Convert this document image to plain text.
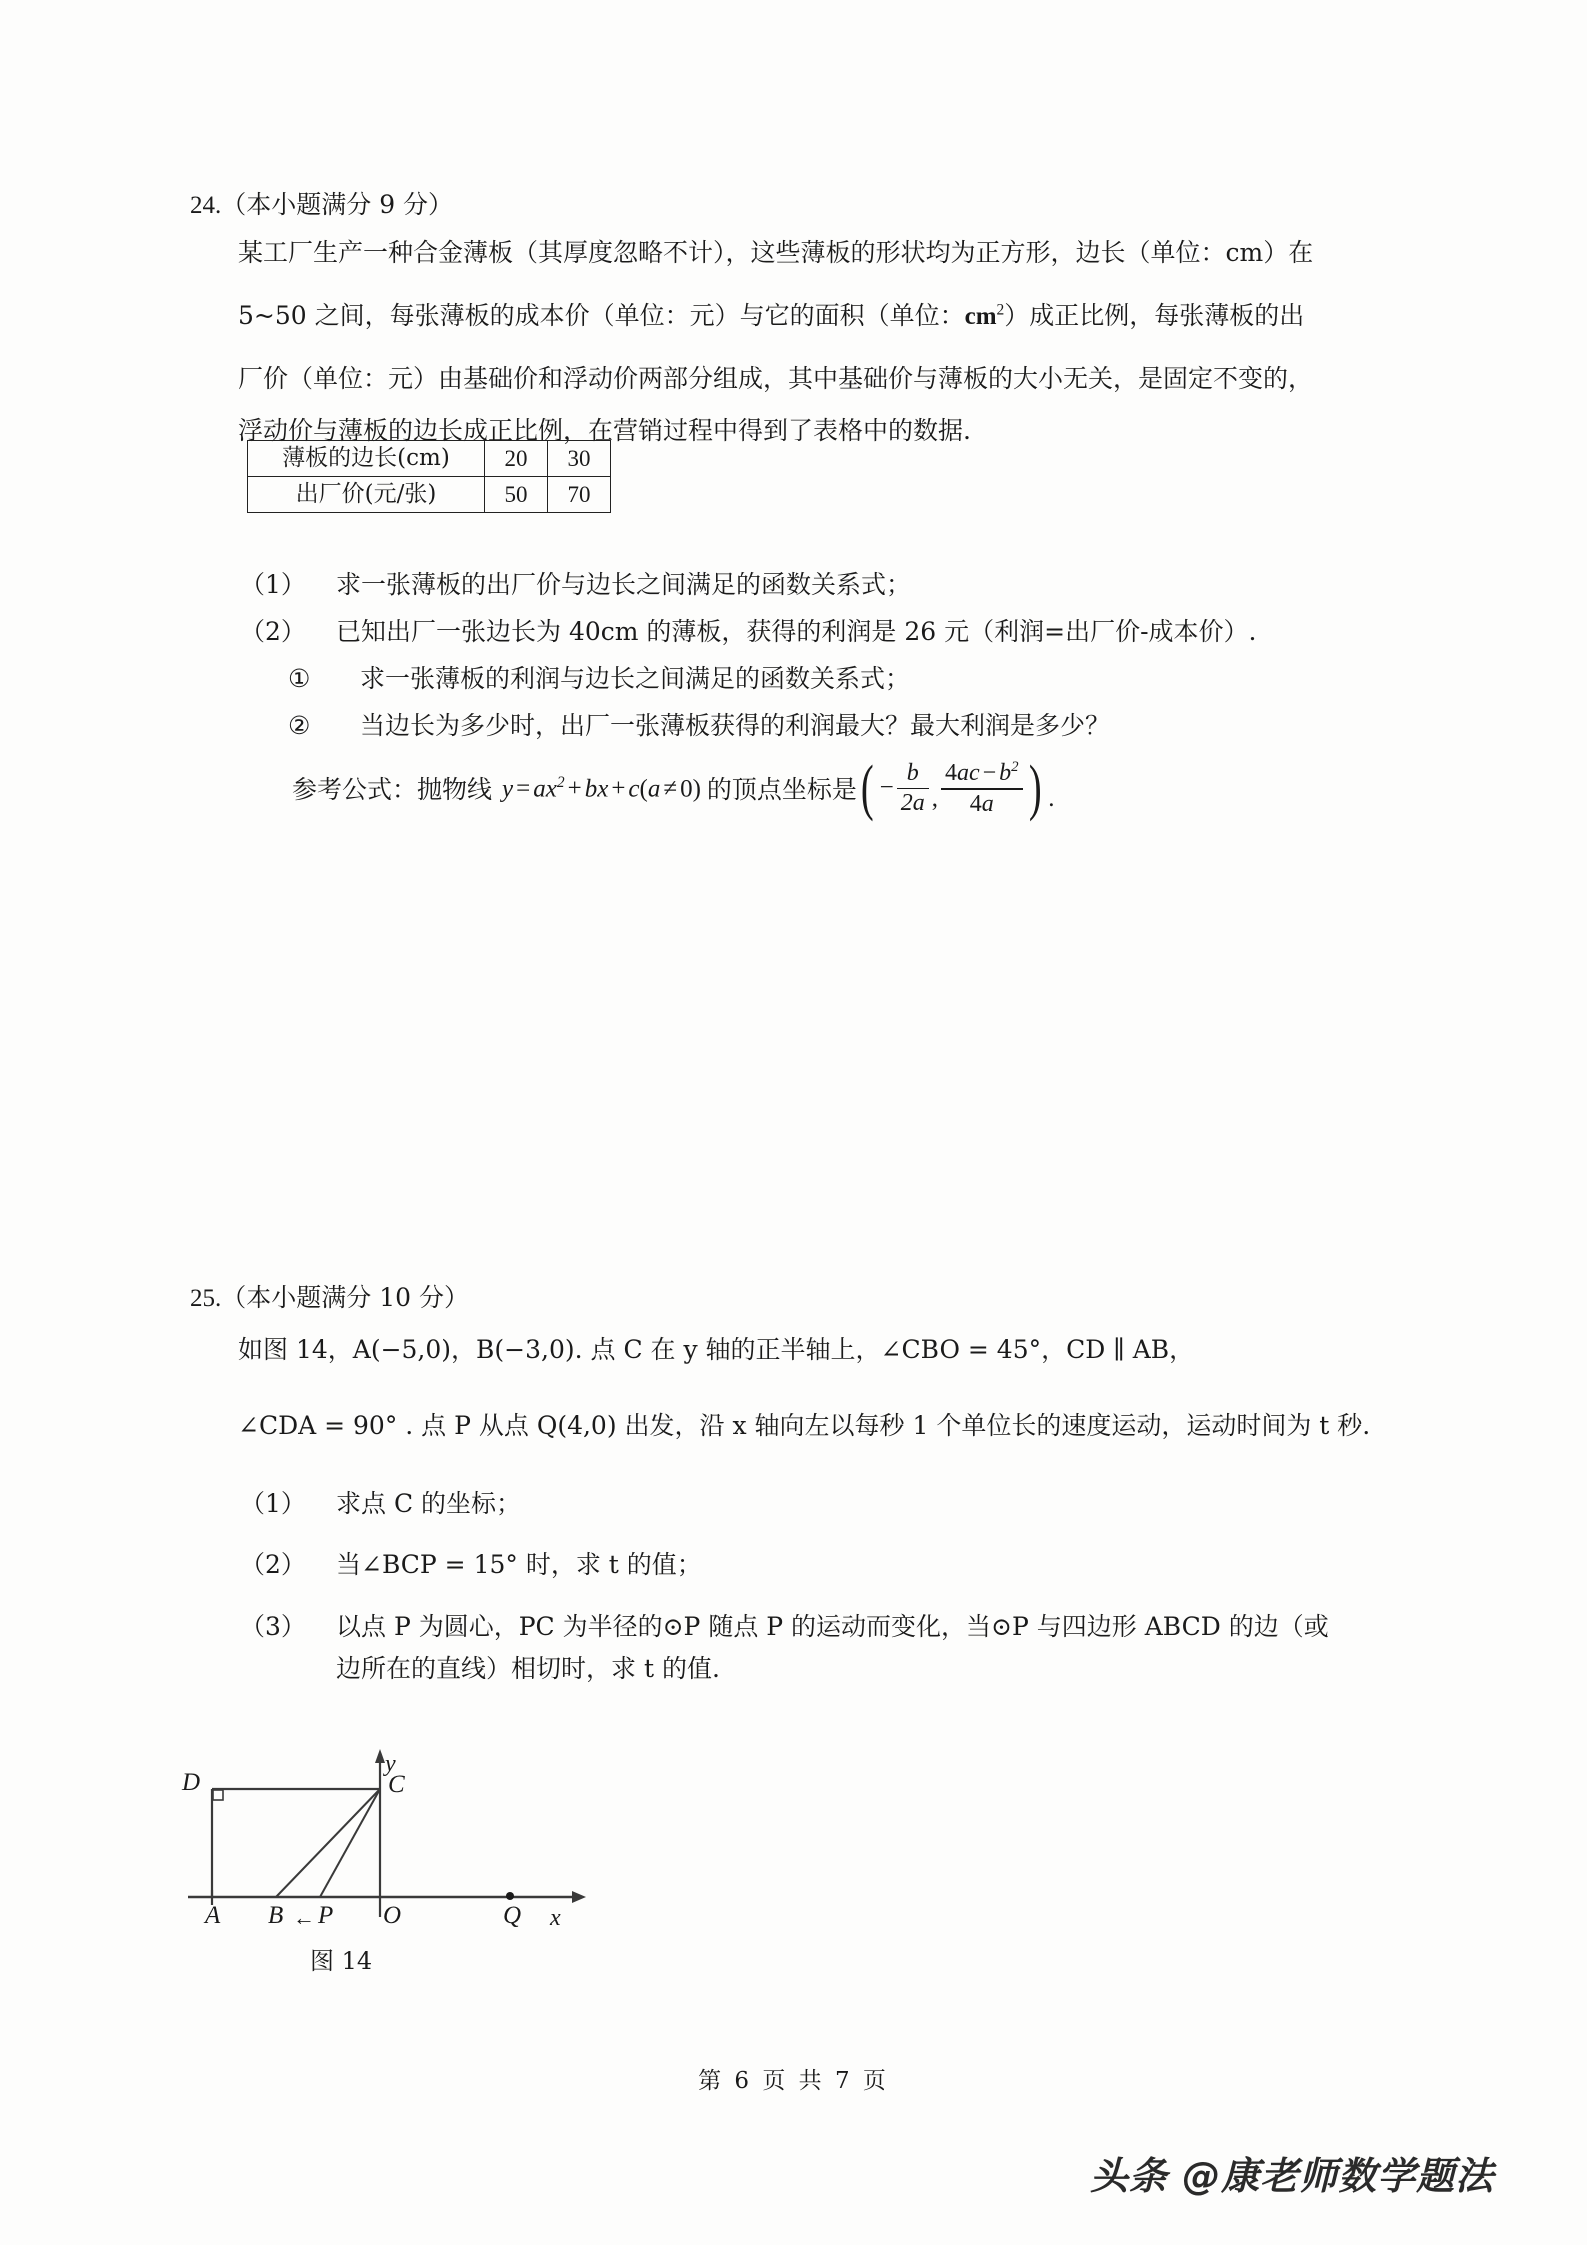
24.（本小题满分 9 分）
某工厂生产一种合金薄板（其厚度忽略不计），这些薄板的形状均为正方形，边长（单位：cm）在
5~50 之间，每张薄板的成本价（单位：元）与它的面积（单位：$cm^2$）成正比例，每张薄板的出
厂价（单位：元）由基础价和浮动价两部分组成，其中基础价与薄板的大小无关，是固定不变的，
浮动价与薄板的边长成正比例，在营销过程中得到了表格中的数据.
薄板的边长(cm)	20	30
出厂价(元/张)	50	70
（1） 求一张薄板的出厂价与边长之间满足的函数关系式；
（2） 已知出厂一张边长为 40cm 的薄板，获得的利润是 26 元（利润=出厂价-成本价）.
① 求一张薄板的利润与边长之间满足的函数关系式；
② 当边长为多少时，出厂一张薄板获得的利润最大？最大利润是多少？
参考公式：抛物线 $y = ax^2$ + bx + c(a ≠ 0) 的顶点坐标是 ( − $\frac{b}{2a}$ , $\frac{4ac - b^2}{4a}$ ) .
25.（本小题满分 10 分）
如图 14，A(−5,0)，B(−3,0). 点 C 在 y 轴的正半轴上，∠CBO = 45°，CD ∥ AB，
∠CDA = 90° . 点 P 从点 Q(4,0) 出发，沿 x 轴向左以每秒 1 个单位长的速度运动，运动时间为 t 秒.
（1） 求点 C 的坐标；
（2） 当∠BCP = 15° 时，求 t 的值；
（3） 以点 P 为圆心，PC 为半径的⊙P 随点 P 的运动而变化，当⊙P 与四边形 ABCD 的边（或
边所在的直线）相切时，求 t 的值.
D	C
y
A B ← P O	Q x
图 14
第 6 页 共 7 页
头条 @康老师数学题法
